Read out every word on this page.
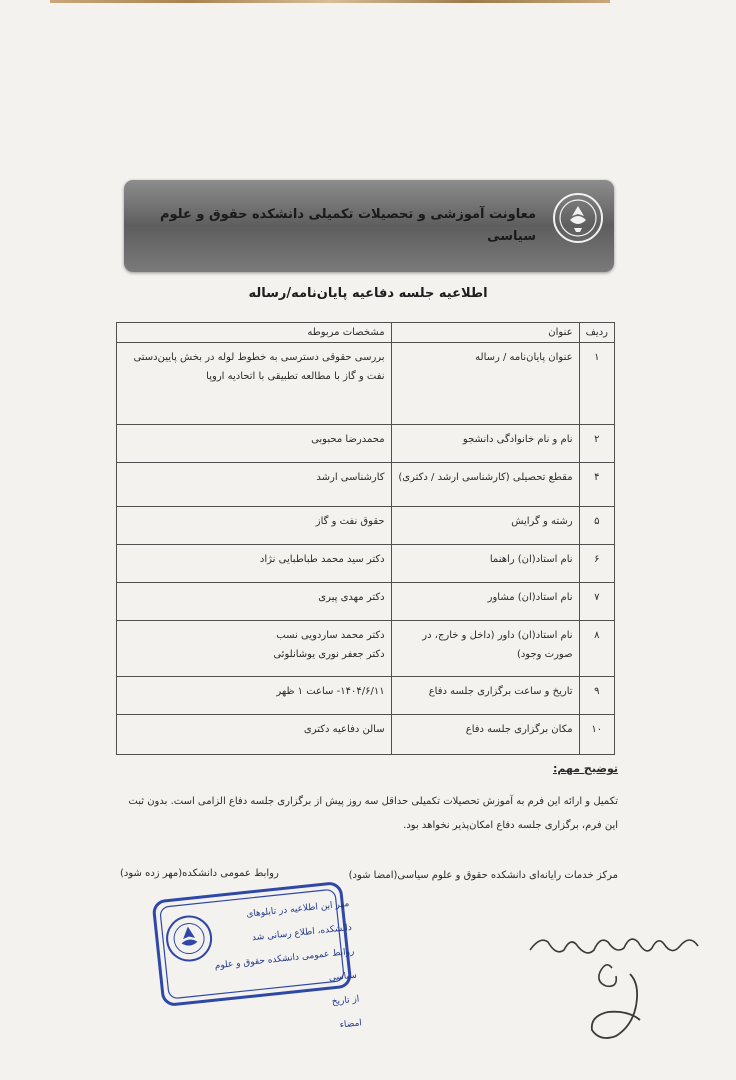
معاونت آموزشی و تحصیلات تکمیلی دانشکده حقوق و علوم سیاسی
اطلاعیه جلسه دفاعیه پایان‌نامه/رساله
ردیف	عنوان	مشخصات مربوطه
۱	عنوان پایان‌نامه / رساله	بررسی حقوقی دسترسی به خطوط لوله در بخش پایین‌دستی نفت و گاز با مطالعه تطبیقی با اتحادیه اروپا
۲	نام و نام خانوادگی دانشجو	محمدرضا محبوبی
۴	مقطع تحصیلی (کارشناسی ارشد / دکتری)	کارشناسی ارشد
۵	رشته و گرایش	حقوق نفت و گاز
۶	نام استاد(ان) راهنما	دکتر سید محمد طباطبایی نژاد
۷	نام استاد(ان) مشاور	دکتر مهدی پیری
۸	نام استاد(ان) داور (داخل و خارج، در صورت وجود)	دکتر محمد ساردویی نسب
دکتر جعفر نوری یوشانلوئی

۹	تاریخ و ساعت برگزاری جلسه دفاع	۱۴۰۴/۶/۱۱- ساعت ۱ ظهر
۱۰	مکان برگزاری جلسه دفاع	سالن دفاعیه دکتری
توضیح مهم:
تکمیل و ارائه این فرم به آموزش تحصیلات تکمیلی حداقل سه روز پیش از برگزاری جلسه دفاع الزامی است. بدون ثبت این فرم، برگزاری جلسه دفاع امکان‌پذیر نخواهد بود.
مرکز خدمات رایانه‌ای دانشکده حقوق و علوم سیاسی(امضا شود)
روابط عمومی دانشکده(مهر زده شود)
مهر این اطلاعیه در تابلوهای
دانشکده، اطلاع رسانی شد
روابط عمومی دانشکده حقوق و علوم سیاسی
از تاریخ
امضاء
